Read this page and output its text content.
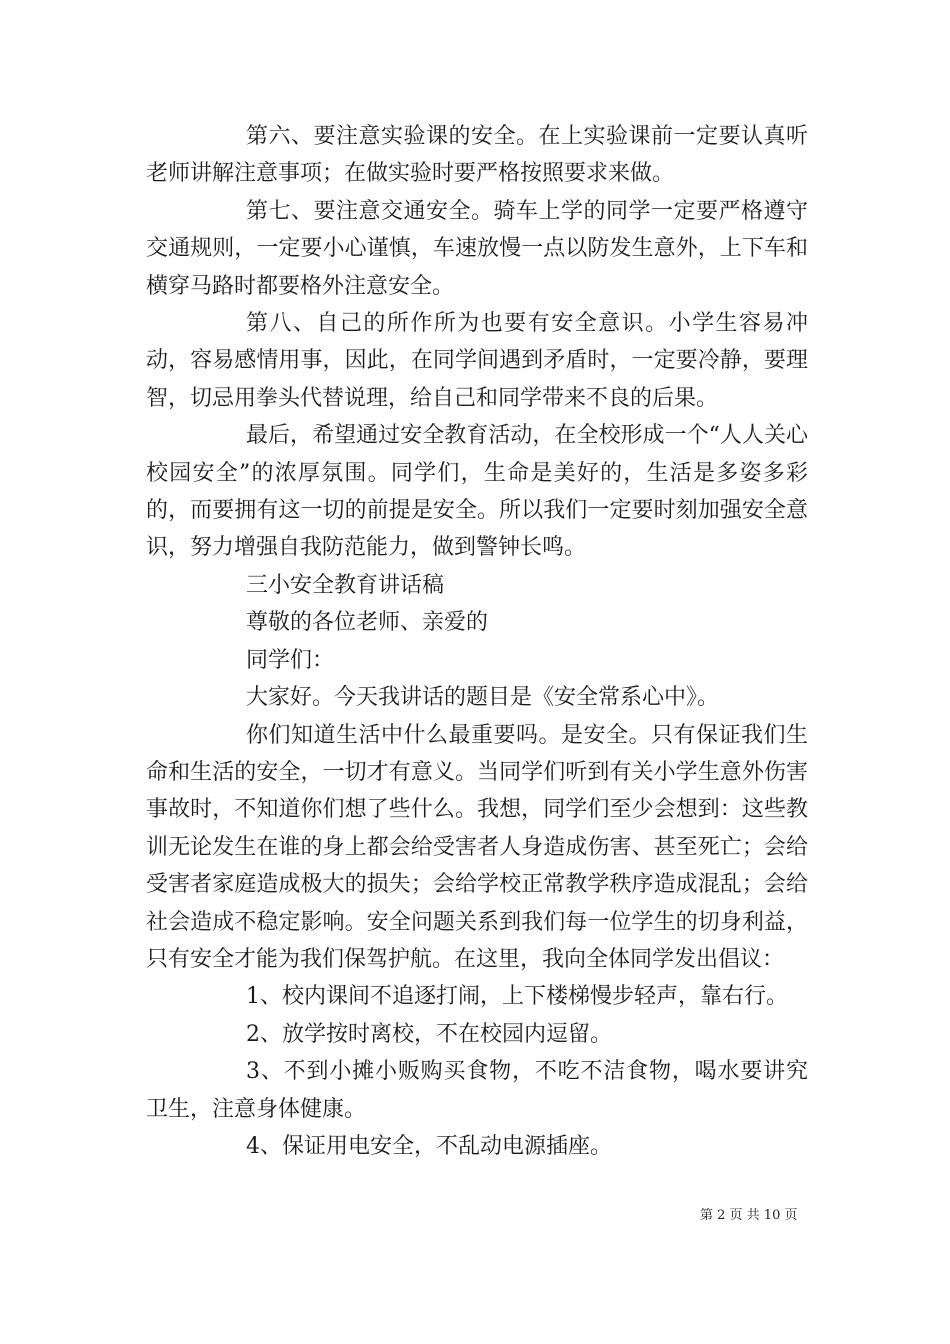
第六、要注意实验课的安全。在上实验课前一定要认真听老师讲解注意事项；在做实验时要严格按照要求来做。

第七、要注意交通安全。骑车上学的同学一定要严格遵守交通规则，一定要小心谨慎，车速放慢一点以防发生意外，上下车和横穿马路时都要格外注意安全。

第八、自己的所作所为也要有安全意识。小学生容易冲动，容易感情用事，因此，在同学间遇到矛盾时，一定要冷静，要理智，切忌用拳头代替说理，给自己和同学带来不良的后果。

最后，希望通过安全教育活动，在全校形成一个“人人关心校园安全”的浓厚氛围。同学们，生命是美好的，生活是多姿多彩的，而要拥有这一切的前提是安全。所以我们一定要时刻加强安全意识，努力增强自我防范能力，做到警钟长鸣。

三小安全教育讲话稿

尊敬的各位老师、亲爱的

同学们：

大家好。今天我讲话的题目是《安全常系心中》。

你们知道生活中什么最重要吗。是安全。只有保证我们生命和生活的安全，一切才有意义。当同学们听到有关小学生意外伤害事故时，不知道你们想了些什么。我想，同学们至少会想到：这些教训无论发生在谁的身上都会给受害者人身造成伤害、甚至死亡；会给受害者家庭造成极大的损失；会给学校正常教学秩序造成混乱；会给社会造成不稳定影响。安全问题关系到我们每一位学生的切身利益，只有安全才能为我们保驾护航。在这里，我向全体同学发出倡议：

1、校内课间不追逐打闹，上下楼梯慢步轻声，靠右行。

2、放学按时离校，不在校园内逗留。

3、不到小摊小贩购买食物，不吃不洁食物，喝水要讲究卫生，注意身体健康。

4、保证用电安全，不乱动电源插座。

第 2 页 共 10 页
